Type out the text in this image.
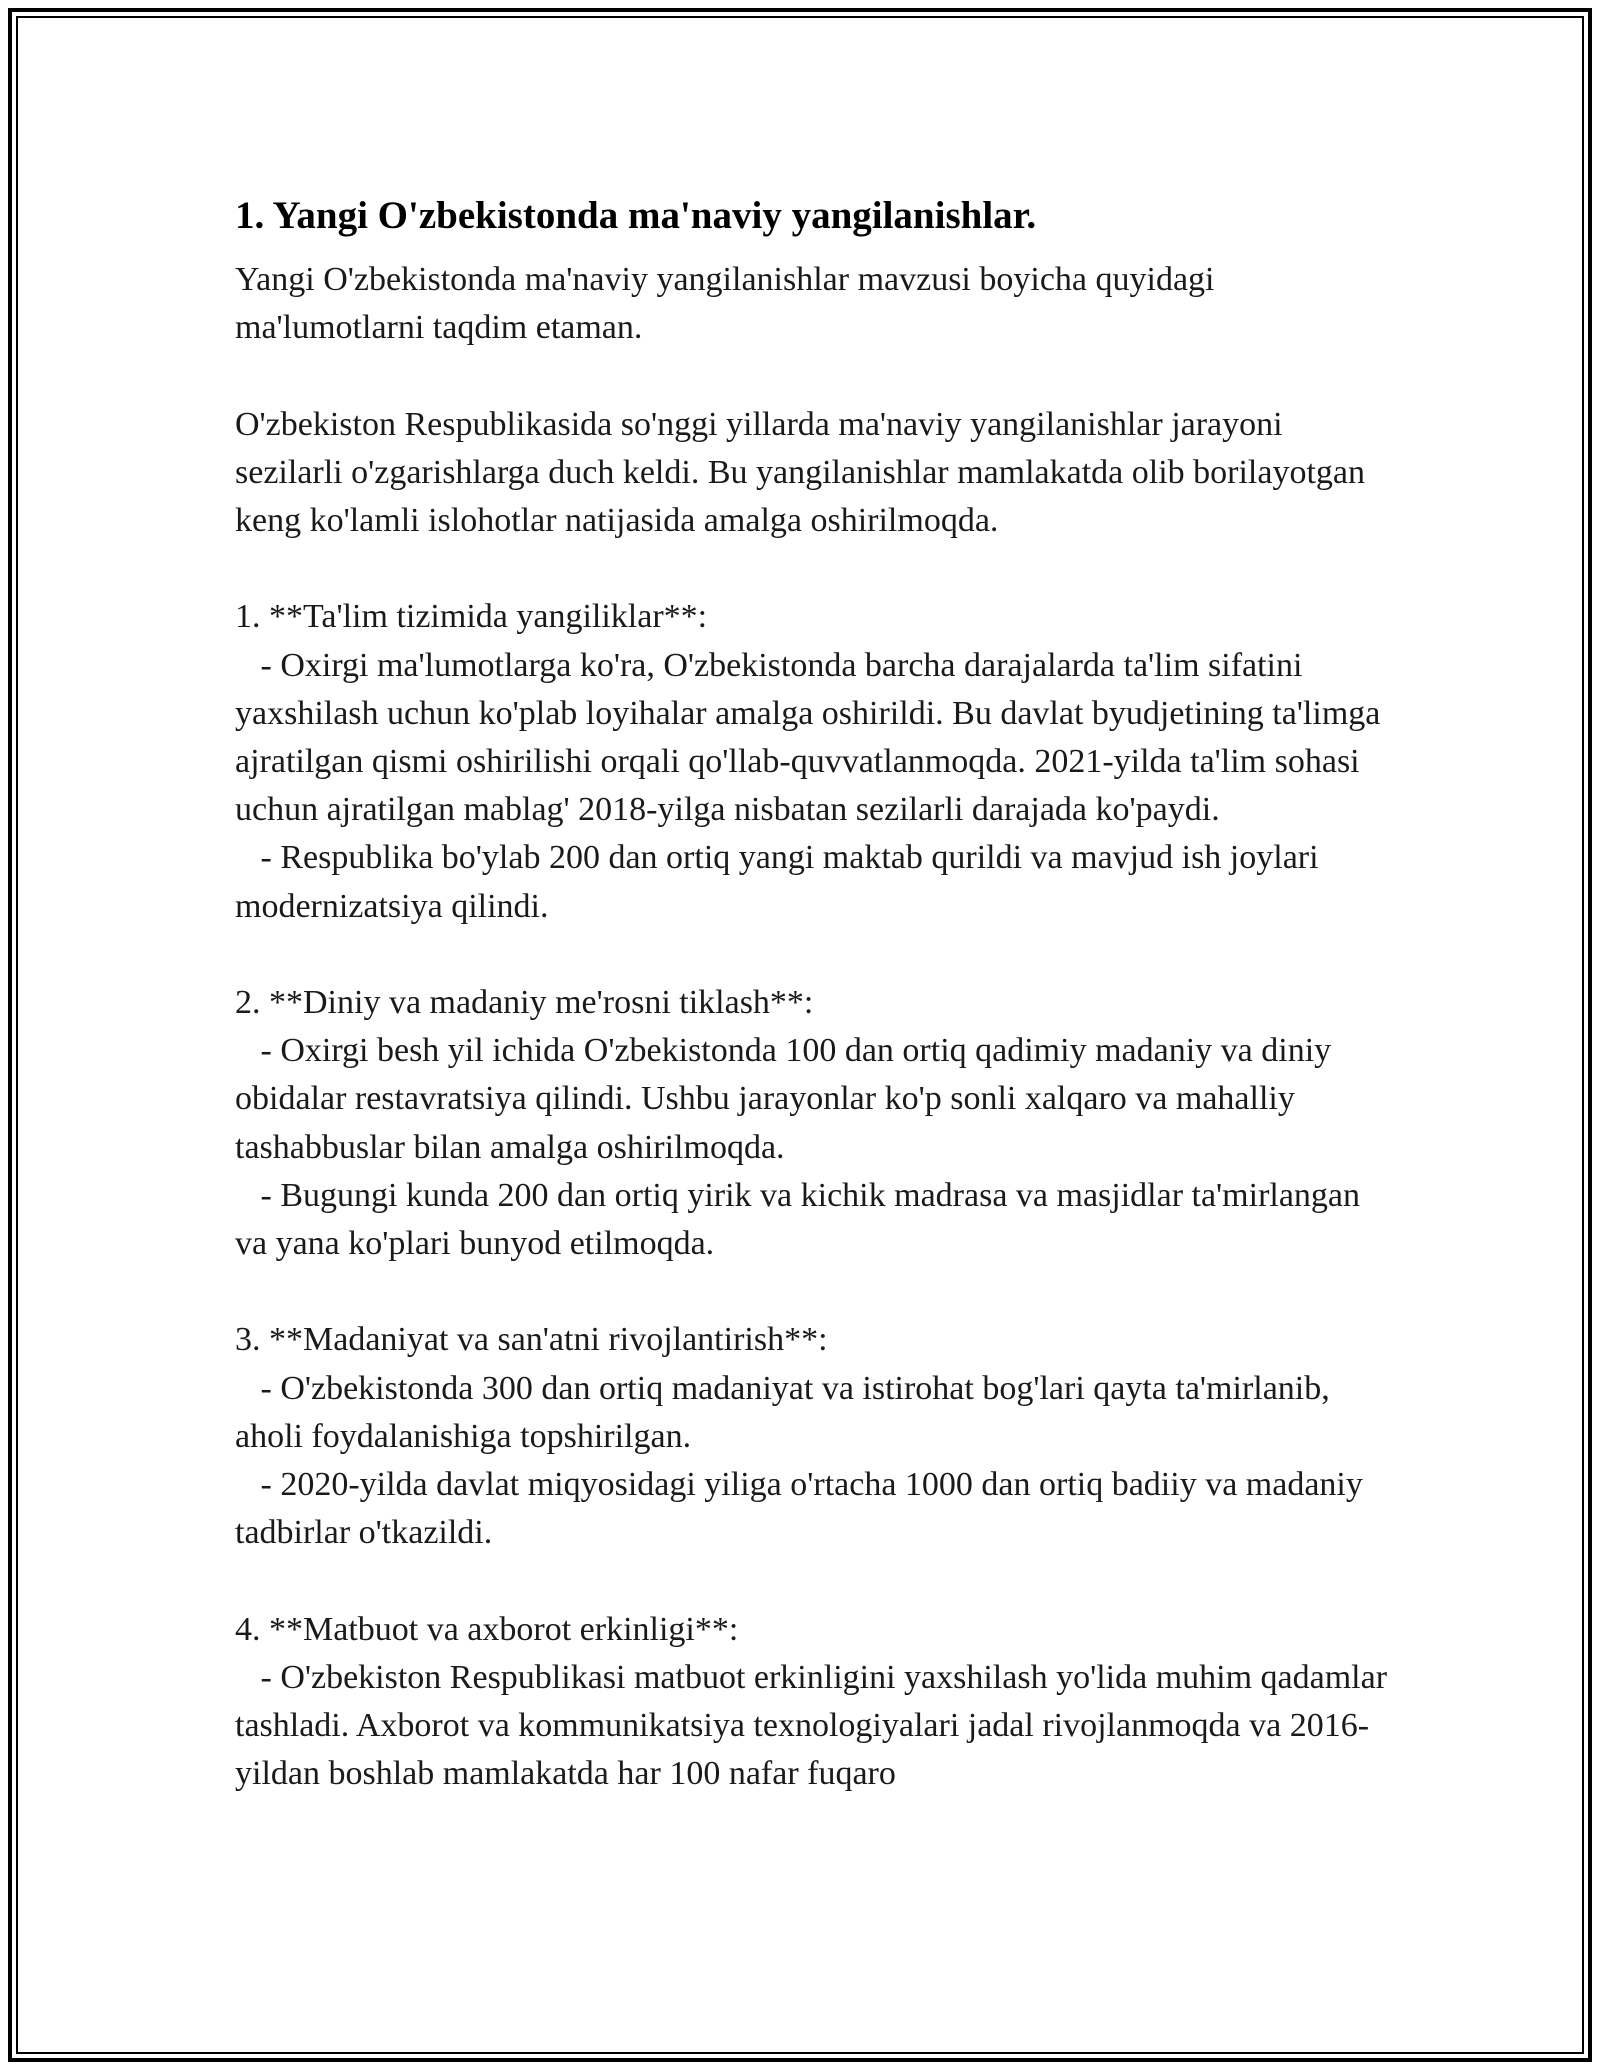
1. Yangi O'zbekistonda ma'naviy yangilanishlar.

Yangi O'zbekistonda ma'naviy yangilanishlar mavzusi boyicha quyidagi ma'lumotlarni taqdim etaman.

O'zbekiston Respublikasida so'nggi yillarda ma'naviy yangilanishlar jarayoni sezilarli o'zgarishlarga duch keldi. Bu yangilanishlar mamlakatda olib borilayotgan keng ko'lamli islohotlar natijasida amalga oshirilmoqda.

1. **Ta'lim tizimida yangiliklar**:

- Oxirgi ma'lumotlarga ko'ra, O'zbekistonda barcha darajalarda ta'lim sifatini yaxshilash uchun ko'plab loyihalar amalga oshirildi. Bu davlat byudjetining ta'limga ajratilgan qismi oshirilishi orqali qo'llab-quvvatlanmoqda. 2021-yilda ta'lim sohasi uchun ajratilgan mablag' 2018-yilga nisbatan sezilarli darajada ko'paydi.

- Respublika bo'ylab 200 dan ortiq yangi maktab qurildi va mavjud ish joylari modernizatsiya qilindi.

2. **Diniy va madaniy me'rosni tiklash**:

- Oxirgi besh yil ichida O'zbekistonda 100 dan ortiq qadimiy madaniy va diniy obidalar restavratsiya qilindi. Ushbu jarayonlar ko'p sonli xalqaro va mahalliy tashabbuslar bilan amalga oshirilmoqda.

- Bugungi kunda 200 dan ortiq yirik va kichik madrasa va masjidlar ta'mirlangan va yana ko'plari bunyod etilmoqda.

3. **Madaniyat va san'atni rivojlantirish**:

- O'zbekistonda 300 dan ortiq madaniyat va istirohat bog'lari qayta ta'mirlanib, aholi foydalanishiga topshirilgan.

- 2020-yilda davlat miqyosidagi yiliga o'rtacha 1000 dan ortiq badiiy va madaniy tadbirlar o'tkazildi.

4. **Matbuot va axborot erkinligi**:

- O'zbekiston Respublikasi matbuot erkinligini yaxshilash yo'lida muhim qadamlar tashladi. Axborot va kommunikatsiya texnologiyalari jadal rivojlanmoqda va 2016-yildan boshlab mamlakatda har 100 nafar fuqaro
